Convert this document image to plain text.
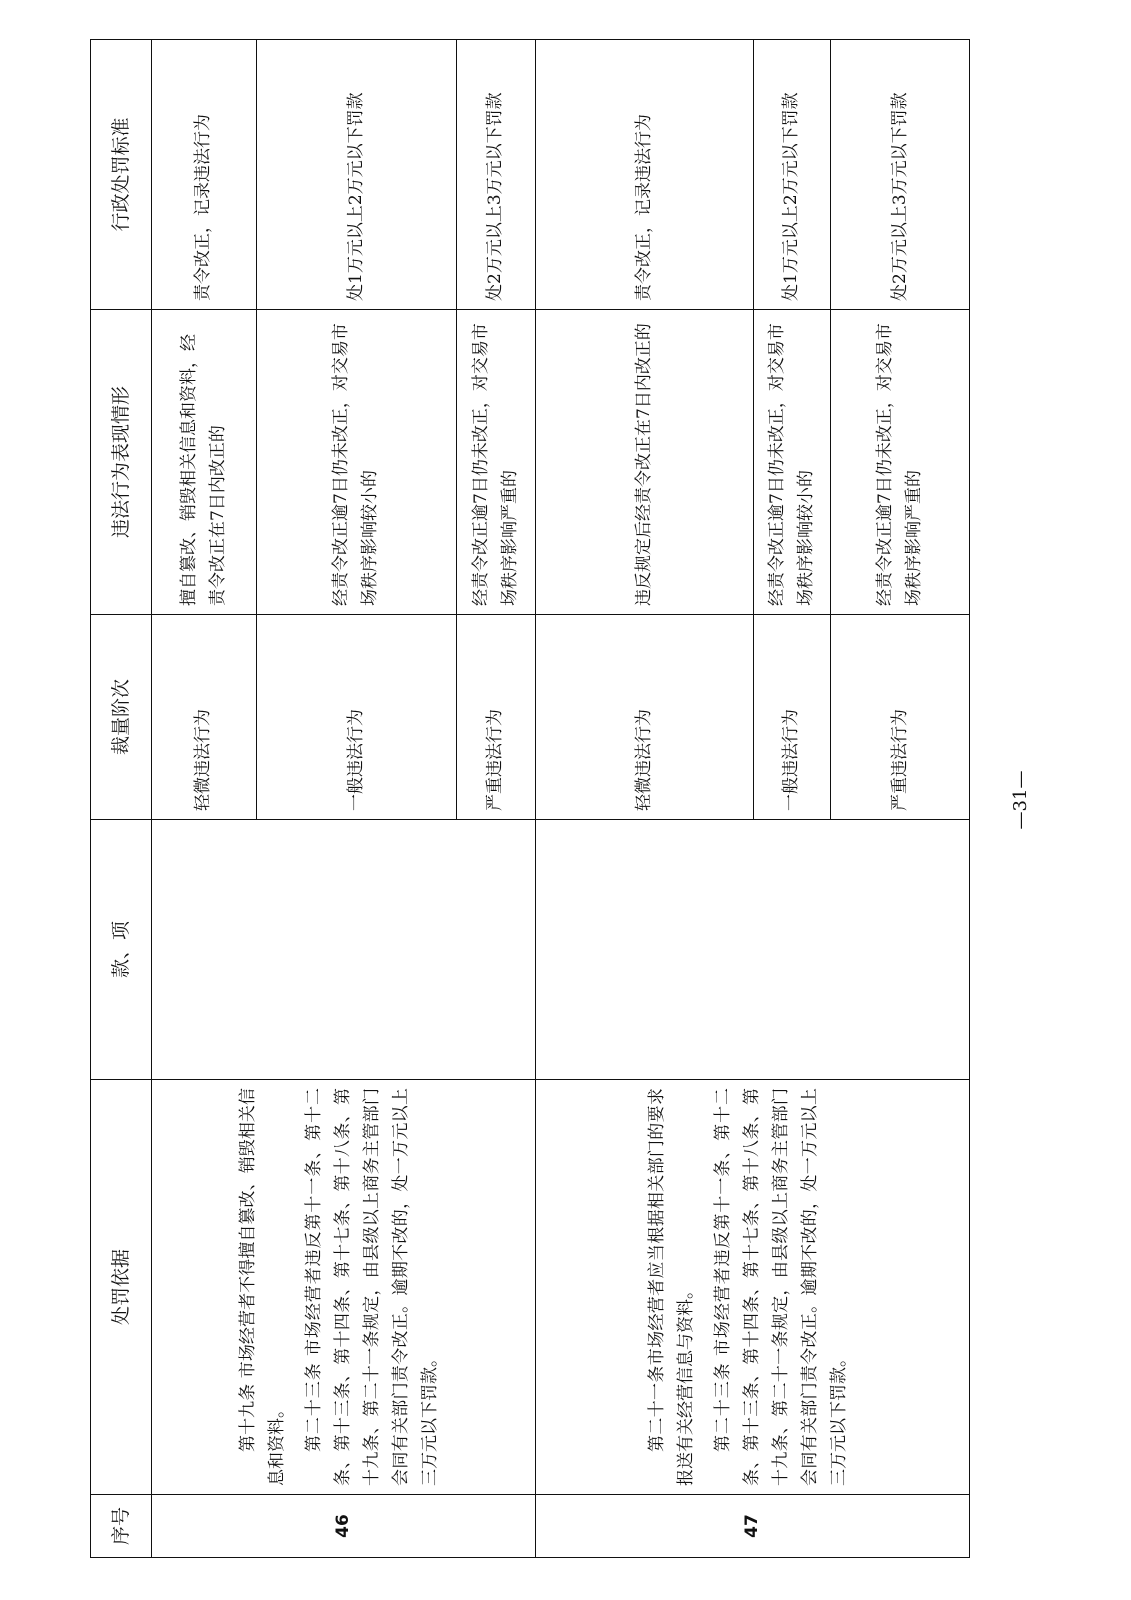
序号	处罚依据	款、项	裁量阶次	违法行为表现情形	行政处罚标准
46	第十九条 市场经营者不得擅自篡改、销毁相关信息和资料。 第二十三条 市场经营者违反第十一条、第十二条、第十三条、第十四条、第十七条、第十八条、第十九条、第二十一条规定，由县级以上商务主管部门会同有关部门责令改正。逾期不改的，处一万元以上三万元以下罚款。		轻微违法行为	擅自篡改、销毁相关信息和资料，经责令改正在7日内改正的	责令改正，记录违法行为
			一般违法行为	经责令改正逾7日仍未改正，对交易市场秩序影响较小的	处1万元以上2万元以下罚款
			严重违法行为	经责令改正逾7日仍未改正，对交易市场秩序影响严重的	处2万元以上3万元以下罚款
47	第二十一条市场经营者应当根据相关部门的要求报送有关经营信息与资料。 第二十三条 市场经营者违反第十一条、第十二条、第十三条、第十四条、第十七条、第十八条、第十九条、第二十一条规定，由县级以上商务主管部门会同有关部门责令改正。逾期不改的，处一万元以上三万元以下罚款。		轻微违法行为	违反规定后经责令改正在7日内改正的	责令改正，记录违法行为
			一般违法行为	经责令改正逾7日仍未改正，对交易市场秩序影响较小的	处1万元以上2万元以下罚款
			严重违法行为	经责令改正逾7日仍未改正，对交易市场秩序影响严重的	处2万元以上3万元以下罚款
—31—
